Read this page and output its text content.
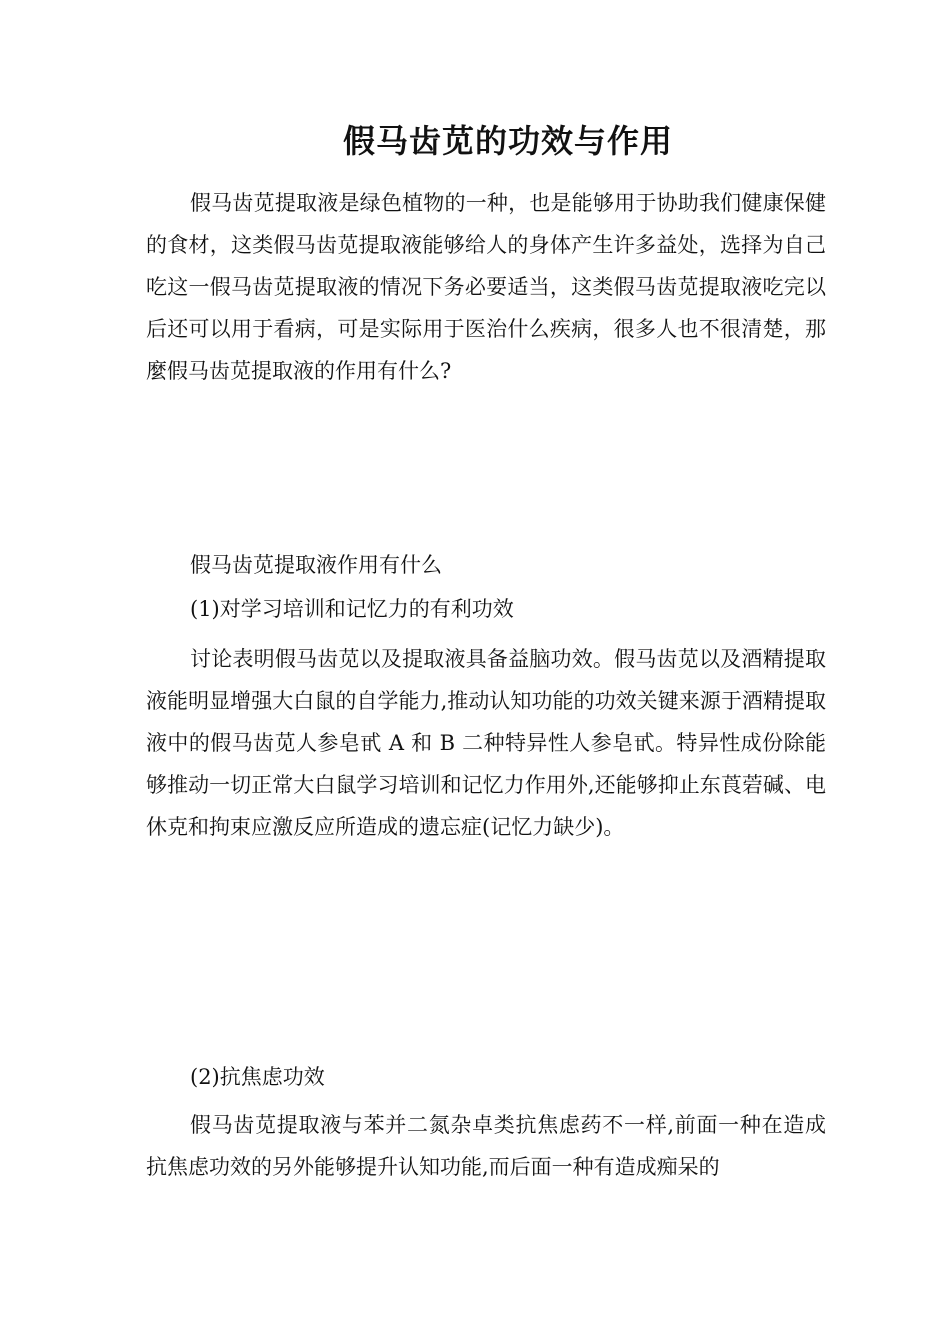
假马齿苋的功效与作用

假马齿苋提取液是绿色植物的一种，也是能够用于协助我们健康保健的食材，这类假马齿苋提取液能够给人的身体产生许多益处，选择为自己吃这一假马齿苋提取液的情况下务必要适当，这类假马齿苋提取液吃完以后还可以用于看病，可是实际用于医治什么疾病，很多人也不很清楚，那麼假马齿苋提取液的作用有什么?

假马齿苋提取液作用有什么

(1)对学习培训和记忆力的有利功效

讨论表明假马齿苋以及提取液具备益脑功效。假马齿苋以及酒精提取液能明显增强大白鼠的自学能力,推动认知功能的功效关键来源于酒精提取液中的假马齿苋人参皂甙 A 和 B 二种特异性人参皂甙。特异性成份除能够推动一切正常大白鼠学习培训和记忆力作用外,还能够抑止东莨菪碱、电休克和拘束应激反应所造成的遗忘症(记忆力缺少)。

(2)抗焦虑功效

假马齿苋提取液与苯并二氮杂卓类抗焦虑药不一样,前面一种在造成抗焦虑功效的另外能够提升认知功能,而后面一种有造成痴呆的
